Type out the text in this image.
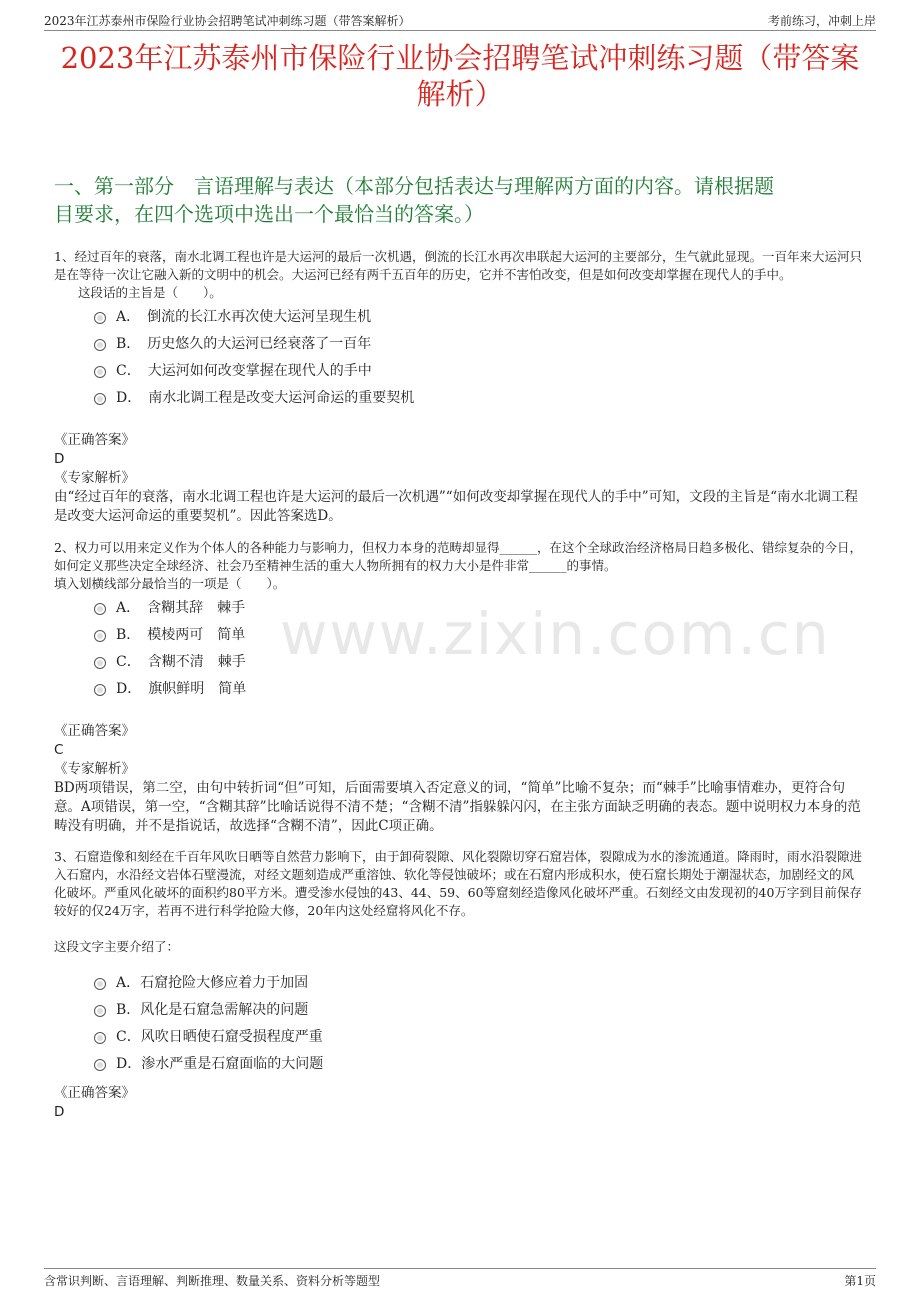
2023年江苏泰州市保险行业协会招聘笔试冲刺练习题（带答案解析）	考前练习，冲刺上岸
2023年江苏泰州市保险行业协会招聘笔试冲刺练习题（带答案
解析）
一、第一部分　言语理解与表达（本部分包括表达与理解两方面的内容。请根据题
目要求，在四个选项中选出一个最恰当的答案。）
www.zixin.com.cn

1、经过百年的衰落，南水北调工程也许是大运河的最后一次机遇，倒流的长江水再次串联起大运河的主要部分，生气就此显现。一百年来大运河只是在等待一次让它融入新的文明中的机会。大运河已经有两千五百年的历史，它并不害怕改变，但是如何改变却掌握在现代人的手中。

这段话的主旨是（　　）。

A．　倒流的长江水再次使大运河呈现生机
B．　历史悠久的大运河已经衰落了一百年
C．　大运河如何改变掌握在现代人的手中
D．　南水北调工程是改变大运河命运的重要契机
《正确答案》
D
《专家解析》
由“经过百年的衰落，南水北调工程也许是大运河的最后一次机遇”“如何改变却掌握在现代人的手中”可知，文段的主旨是“南水北调工程是改变大运河命运的重要契机”。因此答案选D。

2、权力可以用来定义作为个体人的各种能力与影响力，但权力本身的范畴却显得______，在这个全球政治经济格局日趋多极化、错综复杂的今日，如何定义那些决定全球经济、社会乃至精神生活的重大人物所拥有的权力大小是件非常______的事情。

填入划横线部分最恰当的一项是（　　）。

A．　含糊其辞　棘手
B．　模棱两可　简单
C．　含糊不清　棘手
D．　旗帜鲜明　简单
《正确答案》
C
《专家解析》
BD两项错误，第二空，由句中转折词“但”可知，后面需要填入否定意义的词，“简单”比喻不复杂；而“棘手”比喻事情难办，更符合句意。A项错误，第一空，“含糊其辞”比喻话说得不清不楚；“含糊不清”指躲躲闪闪，在主张方面缺乏明确的表态。题中说明权力本身的范畴没有明确，并不是指说话，故选择“含糊不清”，因此C项正确。

3、石窟造像和刻经在千百年风吹日晒等自然营力影响下，由于卸荷裂隙、风化裂隙切穿石窟岩体，裂隙成为水的渗流通道。降雨时，雨水沿裂隙进入石窟内，水沿经文岩体石壁漫流，对经文题刻造成严重溶蚀、软化等侵蚀破坏；或在石窟内形成积水，使石窟长期处于潮湿状态，加剧经文的风化破坏。严重风化破坏的面积约80平方米。遭受渗水侵蚀的43、44、59、60等窟刻经造像风化破坏严重。石刻经文由发现初的40万字到目前保存较好的仅24万字，若再不进行科学抢险大修，20年内这处经窟将风化不存。

这段文字主要介绍了：

A．石窟抢险大修应着力于加固
B．风化是石窟急需解决的问题
C．风吹日晒使石窟受损程度严重
D．渗水严重是石窟面临的大问题
《正确答案》
D
含常识判断、言语理解、判断推理、数量关系、资料分析等题型	第1页
